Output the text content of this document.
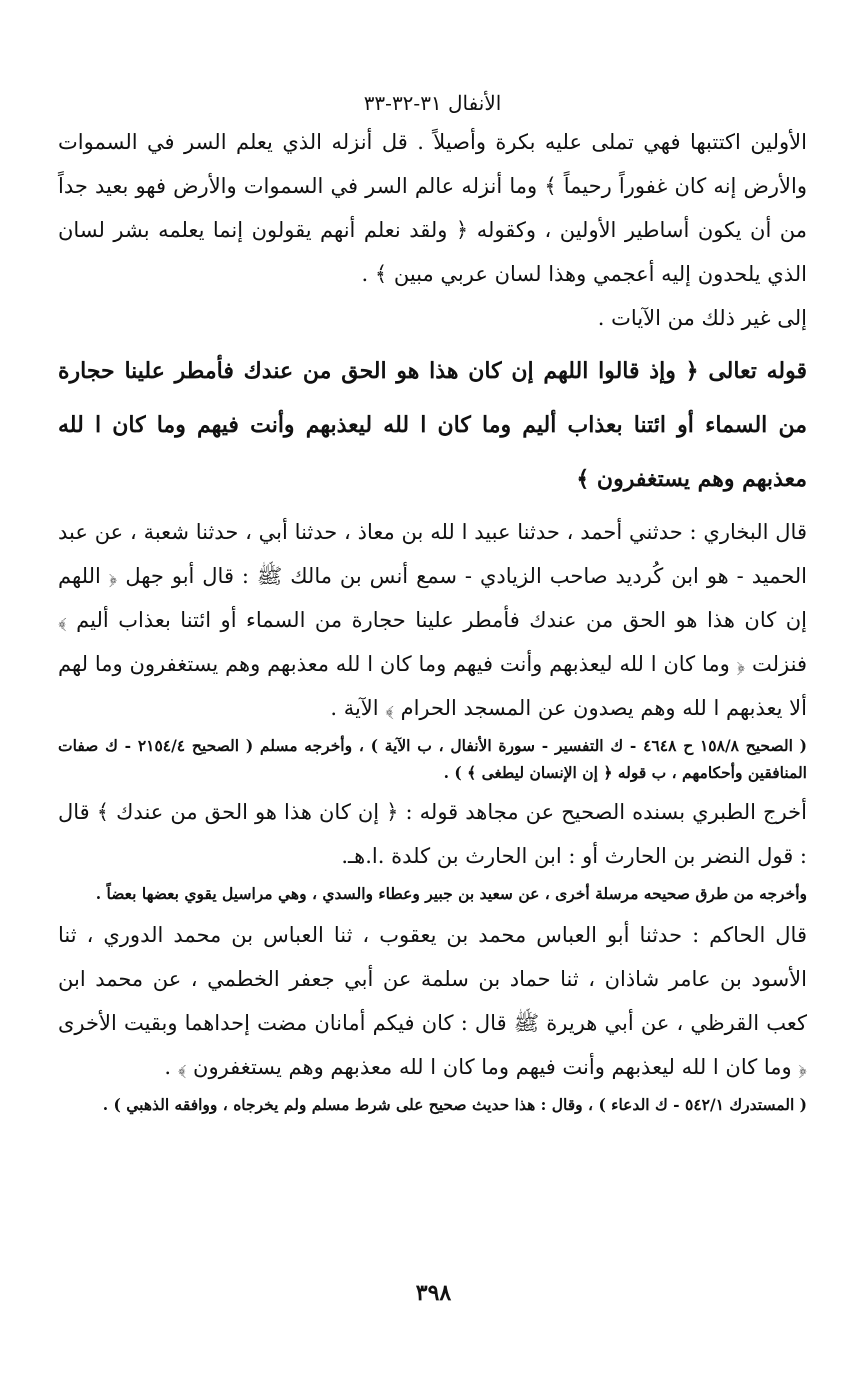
الأنفال ٣١-٣٢-٣٣

الأولين اكتتبها فهي تملى عليه بكرة وأصيلاً . قل أنزله الذي يعلم السر في السموات والأرض إنه كان غفوراً رحيماً ﴾ وما أنزله عالم السر في السموات والأرض فهو بعيد جداً من أن يكون أساطير الأولين ، وكقوله ﴿ ولقد نعلم أنهم يقولون إنما يعلمه بشر لسان الذي يلحدون إليه أعجمي وهذا لسان عربي مبين ﴾ .

إلى غير ذلك من الآيات .

قوله تعالى ﴿ وإذ قالوا اللهم إن كان هذا هو الحق من عندك فأمطر علينا حجارة من السماء أو ائتنا بعذاب أليم وما كان ا لله ليعذبهم وأنت فيهم وما كان ا لله معذبهم وهم يستغفرون ﴾

قال البخاري : حدثني أحمد ، حدثنا عبيد ا لله بن معاذ ، حدثنا أبي ، حدثنا شعبة ، عن عبد الحميد - هو ابن كُرديد صاحب الزيادي - سمع أنس بن مالك ﷺ : قال أبو جهل ﴿ اللهم إن كان هذا هو الحق من عندك فأمطر علينا حجارة من السماء أو ائتنا بعذاب أليم ﴾ فنزلت ﴿ وما كان ا لله ليعذبهم وأنت فيهم وما كان ا لله معذبهم وهم يستغفرون وما لهم ألا يعذبهم ا لله وهم يصدون عن المسجد الحرام ﴾ الآية .

( الصحيح ١٥٨/٨ ح ٤٦٤٨ - ك التفسير - سورة الأنفال ، ب الآية ) ، وأخرجه مسلم ( الصحيح ٢١٥٤/٤ - ك صفات المنافقين وأحكامهم ، ب قوله ﴿ إن الإنسان ليطغى ﴾ ) .

أخرج الطبري بسنده الصحيح عن مجاهد قوله : ﴿ إن كان هذا هو الحق من عندك ﴾ قال : قول النضر بن الحارث أو : ابن الحارث بن كلدة .ا.هـ.

وأخرجه من طرق صحيحه مرسلة أخرى ، عن سعيد بن جبير وعطاء والسدي ، وهي مراسيل يقوي بعضها بعضاً .

قال الحاكم : حدثنا أبو العباس محمد بن يعقوب ، ثنا العباس بن محمد الدوري ، ثنا الأسود بن عامر شاذان ، ثنا حماد بن سلمة عن أبي جعفر الخطمي ، عن محمد ابن كعب القرظي ، عن أبي هريرة ﷺ قال : كان فيكم أمانان مضت إحداهما وبقيت الأخرى ﴿ وما كان ا لله ليعذبهم وأنت فيهم وما كان ا لله معذبهم وهم يستغفرون ﴾ .

( المستدرك ٥٤٢/١ - ك الدعاء ) ، وقال : هذا حديث صحيح على شرط مسلم ولم يخرجاه ، ووافقه الذهبي ) .

٣٩٨
